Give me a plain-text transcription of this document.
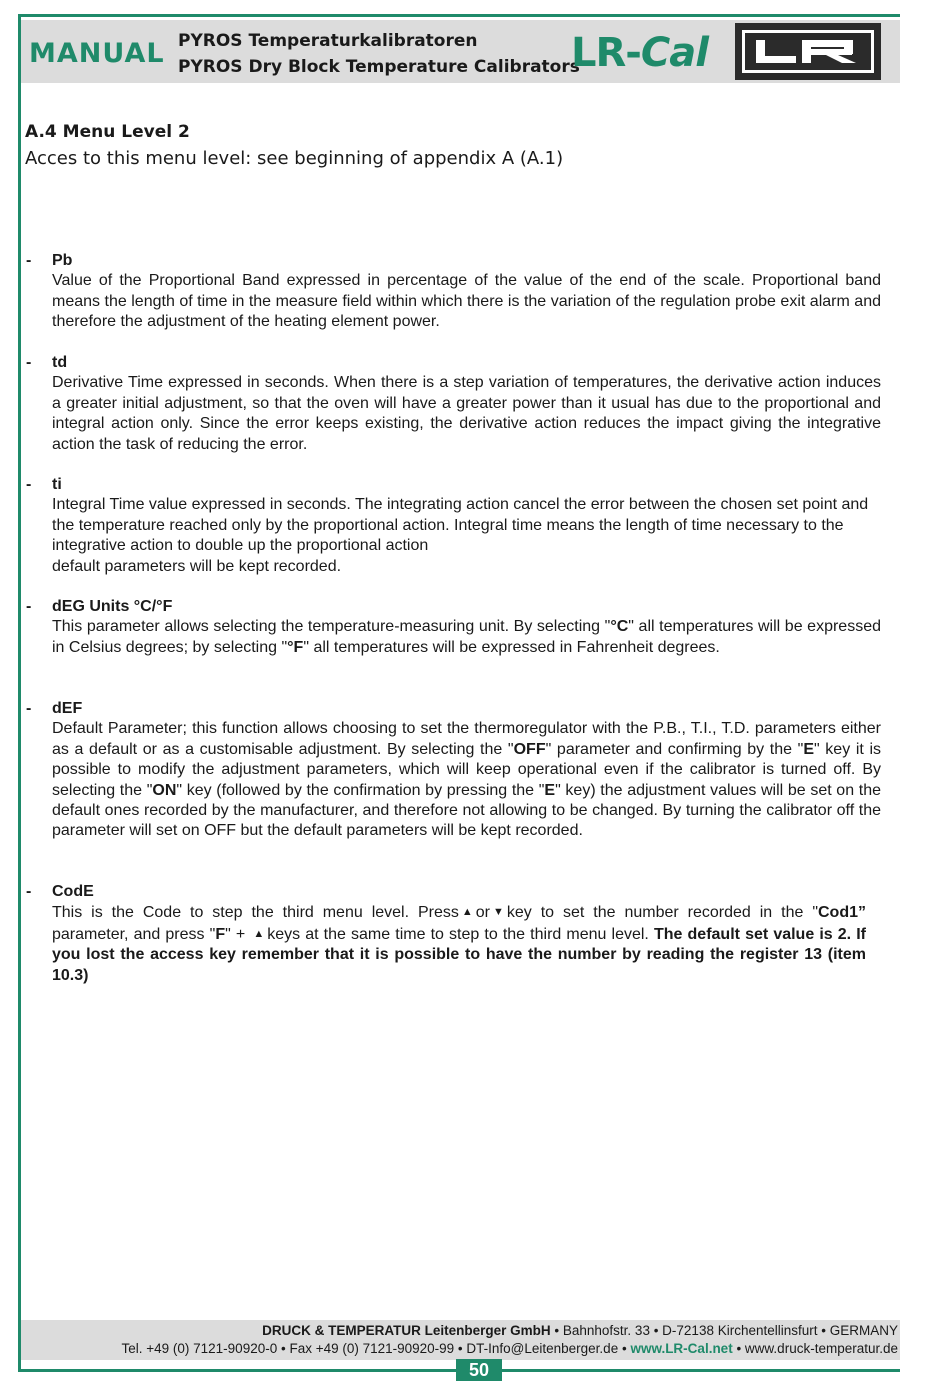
MANUAL PYROS Temperaturkalibratoren
PYROS Dry Block Temperature Calibrators
LR-Cal
A.4 Menu Level 2
Acces to this menu level: see beginning of appendix A (A.1)
- Pb
Value of the Proportional Band expressed in percentage of the value of the end of the scale. Proportional band means the length of time in the measure field within which there is the variation of the regulation probe exit alarm and therefore the adjustment of the heating element power.
- td
Derivative Time expressed in seconds. When there is a step variation of temperatures, the derivative action induces a greater initial adjustment, so that the oven will have a greater power than it usual has due to the proportional and integral action only. Since the error keeps existing, the derivative action reduces the impact giving the integrative action the task of reducing the error.
- ti
Integral Time value expressed in seconds. The integrating action cancel the error between the chosen set point and the temperature reached only by the proportional action. Integral time means the length of time necessary to the integrative action to double up the proportional action
default parameters will be kept recorded.
- dEG Units °C/°F
This parameter allows selecting the temperature-measuring unit. By selecting "°C" all temperatures will be expressed in Celsius degrees; by selecting "°F" all temperatures will be expressed in Fahrenheit degrees.
- dEF
Default Parameter; this function allows choosing to set the thermoregulator with the P.B., T.I., T.D. parameters either as a default or as a customisable adjustment. By selecting the "OFF" parameter and confirming by the "E" key it is possible to modify the adjustment parameters, which will keep operational even if the calibrator is turned off. By selecting the "ON" key (followed by the confirmation by pressing the "E" key) the adjustment values will be set on the default ones recorded by the manufacturer, and therefore not allowing to be changed. By turning the calibrator off the parameter will set on OFF but the default parameters will be kept recorded.
- CodE
This is the Code to step the third menu level. Press ▲ or ▼ key to set the number recorded in the "Cod1” parameter, and press "F" + ▲ keys at the same time to step to the third menu level. The default set value is 2. If you lost the access key remember that it is possible to have the number by reading the register 13 (item 10.3)
DRUCK & TEMPERATUR Leitenberger GmbH • Bahnhofstr. 33 • D-72138 Kirchentellinsfurt • GERMANY
Tel. +49 (0) 7121-90920-0 • Fax +49 (0) 7121-90920-99 • DT-Info@Leitenberger.de • www.LR-Cal.net • www.druck-temperatur.de
50
